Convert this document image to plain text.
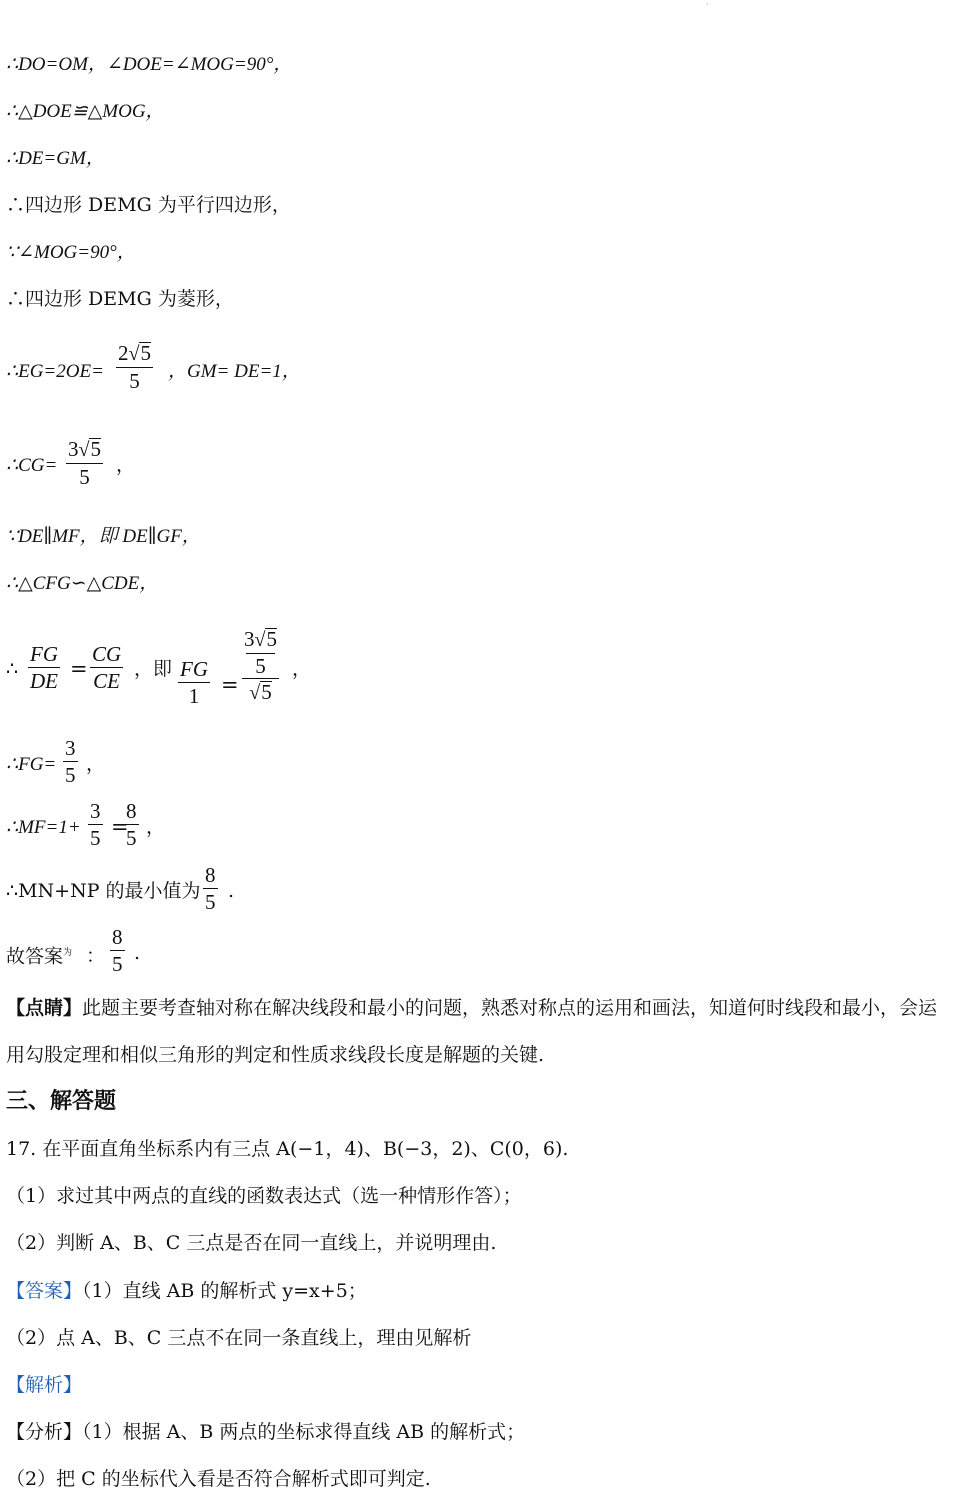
·
∴DO=OM，∠DOE=∠MOG=90°，
∴△DOE≌△MOG，
∴DE=GM，
∴四边形 DEMG 为平行四边形，
∵∠MOG=90°，
∴四边形 DEMG 为菱形，
∴EG=2OE=
2√5
5	，GM= DE=1，
∴CG=
3√5
5	，
∵DE∥MF，即 DE∥GF，
∴△CFG∽△CDE，
∴
FG
DE =
CG
CE ，即 FG
1	=
3√5
5
√5
，
∴FG=
3
5 ，
∴MF=1+
3
5 =
8
5 ，
∴MN+NP 的最小值为
8
5 .
故答案$^为$ ：
8
5 .
【点睛】此题主要考查轴对称在解决线段和最小的问题，熟悉对称点的运用和画法，知道何时线段和最小，会运用勾股定理和相似三角形的判定和性质求线段长度是解题的关键.
三、解答题
17. 在平面直角坐标系内有三点 A(−1，4)、B(−3，2)、C(0，6).
（1）求过其中两点的直线的函数表达式（选一种情形作答）；
（2）判断 A、B、C 三点是否在同一直线上，并说明理由.
【答案】（1）直线 AB 的解析式 y=x+5；
（2）点 A、B、C 三点不在同一条直线上，理由见解析
【解析】
【分析】（1）根据 A、B 两点的坐标求得直线 AB 的解析式；
（2）把 C 的坐标代入看是否符合解析式即可判定.
